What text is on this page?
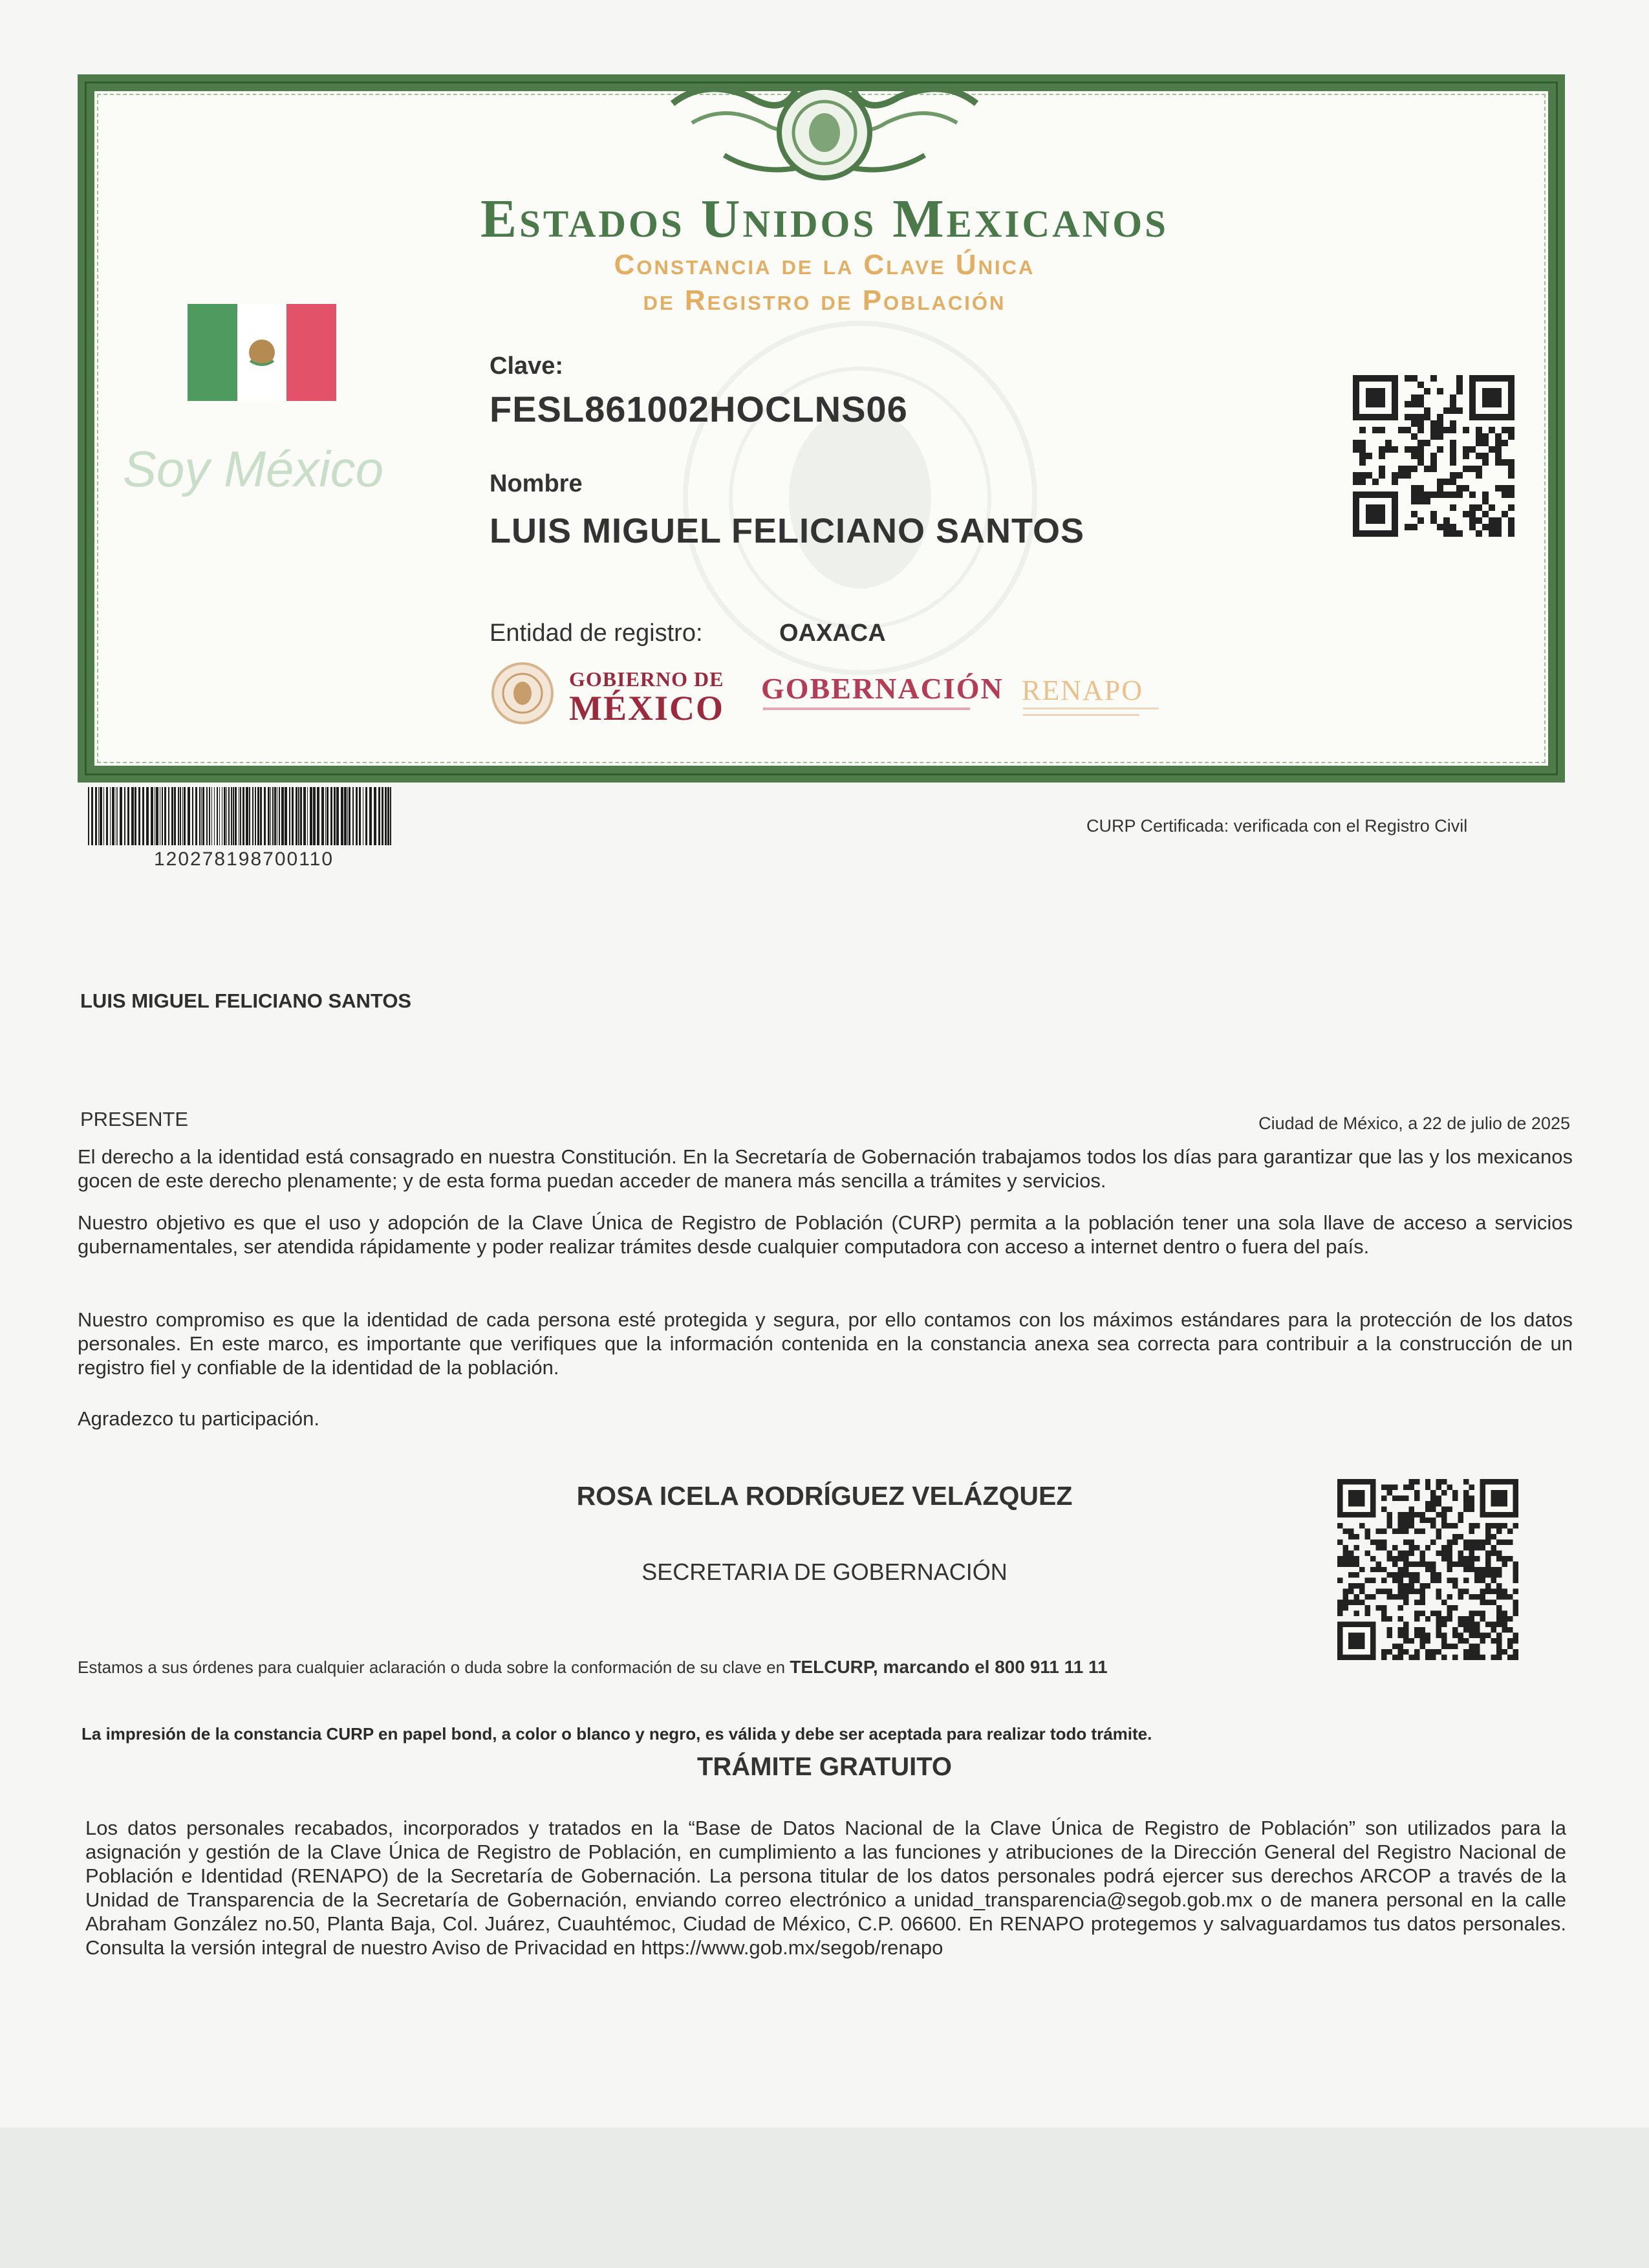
Estados Unidos Mexicanos
Constancia de la Clave Única
de Registro de Población
Soy México
Clave:
FESL861002HOCLNS06
Nombre
LUIS MIGUEL FELICIANO SANTOS
Entidad de registro:	OAXACA
GOBIERNO DE
MÉXICO
GOBERNACIÓN RENAPO
120278198700110
CURP Certificada: verificada con el Registro Civil
LUIS MIGUEL FELICIANO SANTOS
PRESENTE	Ciudad de México, a 22 de julio de 2025
El derecho a la identidad está consagrado en nuestra Constitución. En la Secretaría de Gobernación trabajamos todos los días para garantizar que las y los mexicanos gocen de este derecho plenamente; y de esta forma puedan acceder de manera más sencilla a trámites y servicios.
Nuestro objetivo es que el uso y adopción de la Clave Única de Registro de Población (CURP) permita a la población tener una sola llave de acceso a servicios gubernamentales, ser atendida rápidamente y poder realizar trámites desde cualquier computadora con acceso a internet dentro o fuera del país.
Nuestro compromiso es que la identidad de cada persona esté protegida y segura, por ello contamos con los máximos estándares para la protección de los datos personales. En este marco, es importante que verifiques que la información contenida en la constancia anexa sea correcta para contribuir a la construcción de un registro fiel y confiable de la identidad de la población.
Agradezco tu participación.
ROSA ICELA RODRÍGUEZ VELÁZQUEZ
SECRETARIA DE GOBERNACIÓN
Estamos a sus órdenes para cualquier aclaración o duda sobre la conformación de su clave en TELCURP, marcando el 800 911 11 11
La impresión de la constancia CURP en papel bond, a color o blanco y negro, es válida y debe ser aceptada para realizar todo trámite.
TRÁMITE GRATUITO
Los datos personales recabados, incorporados y tratados en la “Base de Datos Nacional de la Clave Única de Registro de Población” son utilizados para la asignación y gestión de la Clave Única de Registro de Población, en cumplimiento a las funciones y atribuciones de la Dirección General del Registro Nacional de Población e Identidad (RENAPO) de la Secretaría de Gobernación. La persona titular de los datos personales podrá ejercer sus derechos ARCOP a través de la Unidad de Transparencia de la Secretaría de Gobernación, enviando correo electrónico a unidad_transparencia@segob.gob.mx o de manera personal en la calle Abraham González no.50, Planta Baja, Col. Juárez, Cuauhtémoc, Ciudad de México, C.P. 06600. En RENAPO protegemos y salvaguardamos tus datos personales. Consulta la versión integral de nuestro Aviso de Privacidad en https://www.gob.mx/segob/renapo
